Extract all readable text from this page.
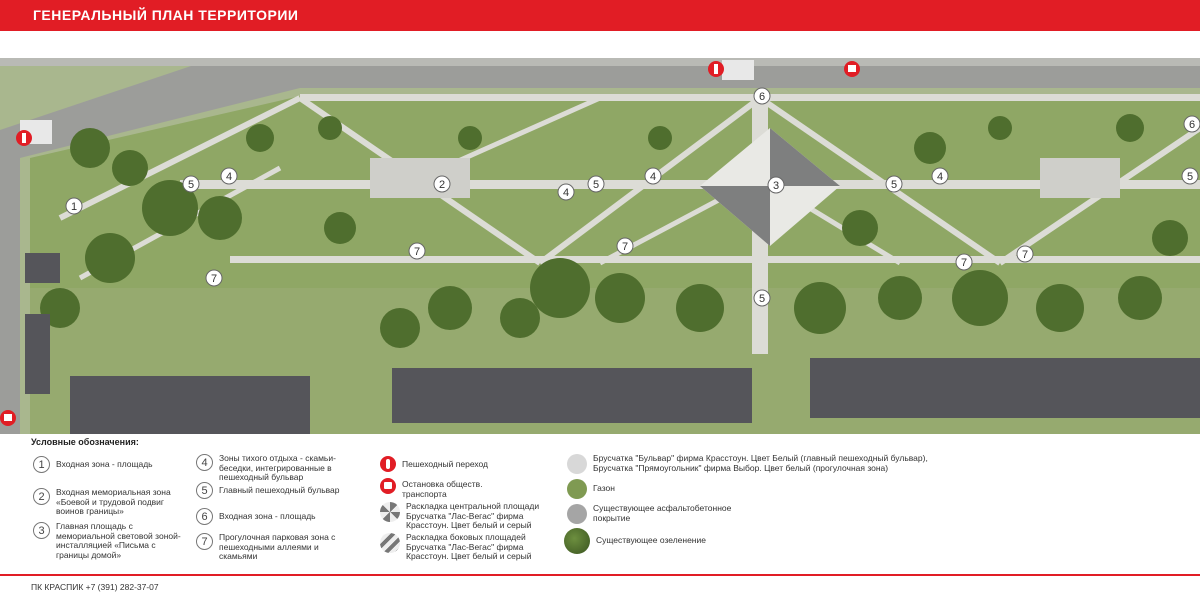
ГЕНЕРАЛЬНЫЙ ПЛАН ТЕРРИТОРИИ
1
2	3
4
4
4	4
5	5	5
5
5
6
6
7
7	7
7
7
Условные обозначения:
1	Входная зона - площадь
2	Входная мемориальная зона «Боевой и трудовой подвиг воинов границы»
3	Главная площадь с мемориальной световой зоной-инсталляцией «Письма с границы домой»
4	Зоны тихого отдыха - скамьи-беседки, интегрированные в пешеходный бульвар
5	Главный пешеходный бульвар
6	Входная зона - площадь
7	Прогулочная парковая зона с пешеходными аллеями и скамьями
Пешеходный переход
Остановка обществ. транспорта
Раскладка центральной площади Брусчатка "Лас-Вегас" фирма Красстоун. Цвет белый и серый
Раскладка боковых площадей Брусчатка "Лас-Вегас" фирма Красстоун. Цвет белый и серый
Брусчатка "Бульвар" фирма Красстоун. Цвет Белый (главный пешеходный бульвар), Брусчатка "Прямоугольник" фирма Выбор. Цвет белый (прогулочная зона)
Газон
Существующее асфальтобетонное покрытие
Существующее озеленение
ПК КРАСПИК +7 (391) 282-37-07
